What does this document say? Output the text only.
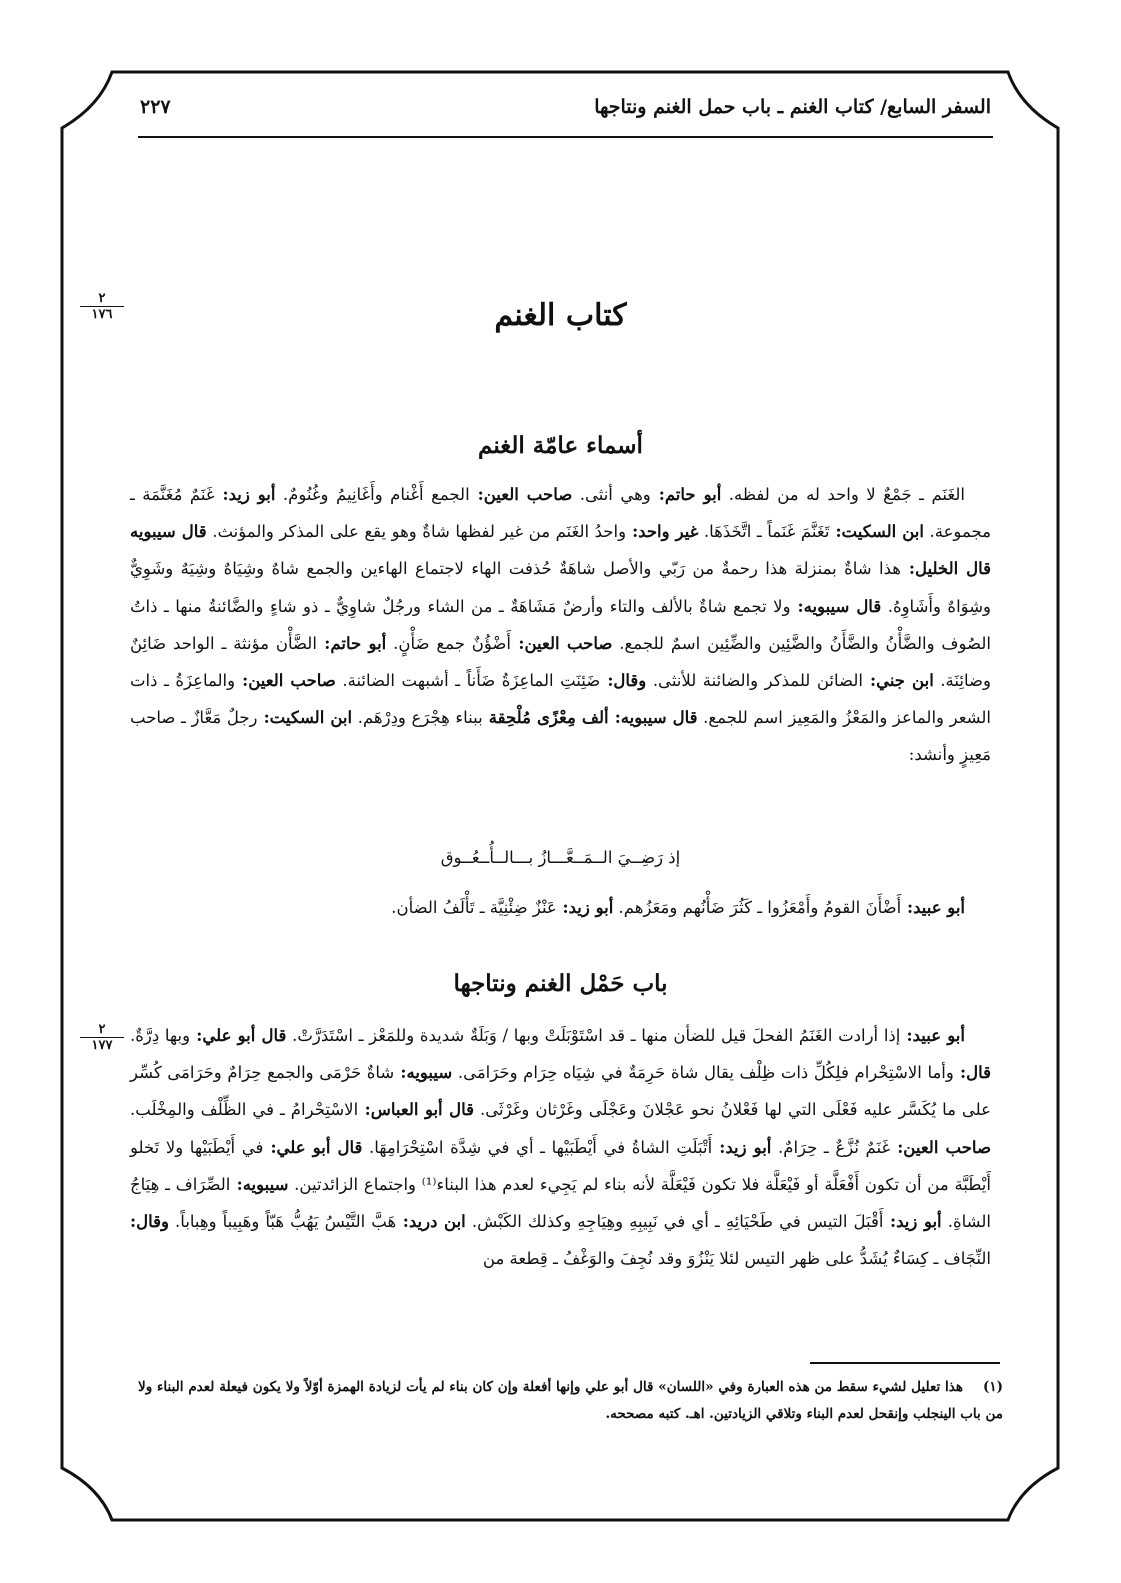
السفر السابع/ كتاب الغنم ـ باب حمل الغنم ونتاجها
٢٢٧
٢
١٧٦
٢
١٧٧
كتاب الغنم
أسماء عامّة الغنم

الغَنَم ـ جَمْعٌ لا واحد له من لفظه. أبو حاتم: وهي أنثى. صاحب العين: الجمع أَغْنام وأَغَانِيمُ وغُنُومٌ. أبو زيد: غَنَمٌ مُغَنَّمَة ـ مجموعة. ابن السكيت: تَغَنَّمَ غَنَماً ـ اتَّخَذَهَا. غير واحد: واحدُ الغَنَم من غير لفظها شاةٌ وهو يقع على المذكر والمؤنث. قال سيبويه قال الخليل: هذا شاةٌ بمنزلة هذا رحمةٌ من رَبّي والأصل شاهَةٌ حُذفت الهاء لاجتماع الهاءين والجمع شاهٌ وشِيَاهٌ وشِيَهٌ وشَوِيٌّ وشِوَاهٌ وأَشَاوِهُ. قال سيبويه: ولا تجمع شاةٌ بالألف والتاء وأرضٌ مَشَاهَةٌ ـ من الشاء ورجُلٌ شاوِيٌّ ـ ذو شاءٍ والضَّائنةُ منها ـ ذاتُ الصُوف والضَّأْنُ والضَّأَنُ والضَّئِين والضِّئِين اسمٌ للجمع. صاحب العين: أَضْؤُنٌ جمع ضَأْنٍ. أبو حاتم: الضَّأْن مؤنثة ـ الواحد ضَائِنٌ وضائِنَة. ابن جني: الضائن للمذكر والضائنة للأنثى. وقال: ضَئِنَتِ الماعِزَةُ ضَأَناً ـ أشبهت الضائنة. صاحب العين: والماعِزَةُ ـ ذات الشعر والماعز والمَعْزُ والمَعِيز اسم للجمع. قال سيبويه: ألف مِعْزًى مُلْحِقة ببناء هِجْرَع ودِرْهَم. ابن السكيت: رجلٌ مَعَّازٌ ـ صاحب مَعِيزٍ وأنشد:

إذ رَضِــيَ الــمَــعَّـــازُ بـــالــأُــعُــوق
أبو عبيد: أَضْأَنَ القومُ وأَمْعَزُوا ـ كَثُرَ ضَأْنُهم ومَعَزُهم. أبو زيد: عَنْزٌ ضِئْنِيَّة ـ تَأْلَفُ الضأن.
باب حَمْل الغنم ونتاجها

أبو عبيد: إذا أرادت الغَنَمُ الفحلَ قيل للضأن منها ـ قد اسْتَوْبَلَتْ وبها / وَبَلَةٌ شديدة وللمَعْز ـ اسْتَدَرَّتْ. قال أبو علي: وبها دِرَّةٌ. قال: وأما الاسْتِحْرام فلِكُلِّ ذات ظِلْف يقال شاة حَرِمَةٌ في شِيَاه حِرَام وحَرَامَى. سيبويه: شاةٌ حَرْمَى والجمع حِرَامٌ وحَرَامَى كُسِّر على ما يُكَسَّر عليه فَعْلَى التي لها فَعْلانُ نحو عَجْلانَ وعَجْلَى وغَرْثان وغَرْثَى. قال أبو العباس: الاسْتِحْرامُ ـ في الظِّلْف والمِخْلَب. صاحب العين: غَنَمٌ نُزَّعٌ ـ حِرَامٌ. أبو زيد: أَتْبَلَتِ الشاةُ في أَيْطَبَيْها ـ أي في شِدَّة اسْتِحْرَامِهَا. قال أبو علي: في أَيْطَبَيْها ولا تَخلو أَيْطَبَّة من أن تكون أَفْعَلَّة أو فَيْعَلَّة فلا تكون فَيْعَلَّة لأنه بناء لم يَجِيء لعدم هذا البناء⁽¹⁾ واجتماع الزائدتين. سيبويه: الصِّرَاف ـ هِيَاجُ الشاةِ. أبو زيد: أَقْبَلَ التيس في طَحْيَائِهِ ـ أي في نَبِيبِهِ وهِيَاجِهِ وكذلك الكَبْش. ابن دريد: هَبَّ التَّيْسُ يَهُبُّ هَبّاً وهَبِيباً وهِباباً. وقال: النِّجَاف ـ كِسَاءٌ يُشَدُّ على ظهر التيس لئلا يَنْزُوَ وقد نُجِفَ والوَغْفُ ـ قِطعة من

(١)هذا تعليل لشيء سقط من هذه العبارة وفي «اللسان» قال أبو علي وإنها أفعلة وإن كان بناء لم يأت لزيادة الهمزة أوّلاً ولا يكون فيعلة لعدم البناء ولا من باب الينجلب وإنقحل لعدم البناء وتلاقي الزيادتين. اهـ. كتبه مصححه.
